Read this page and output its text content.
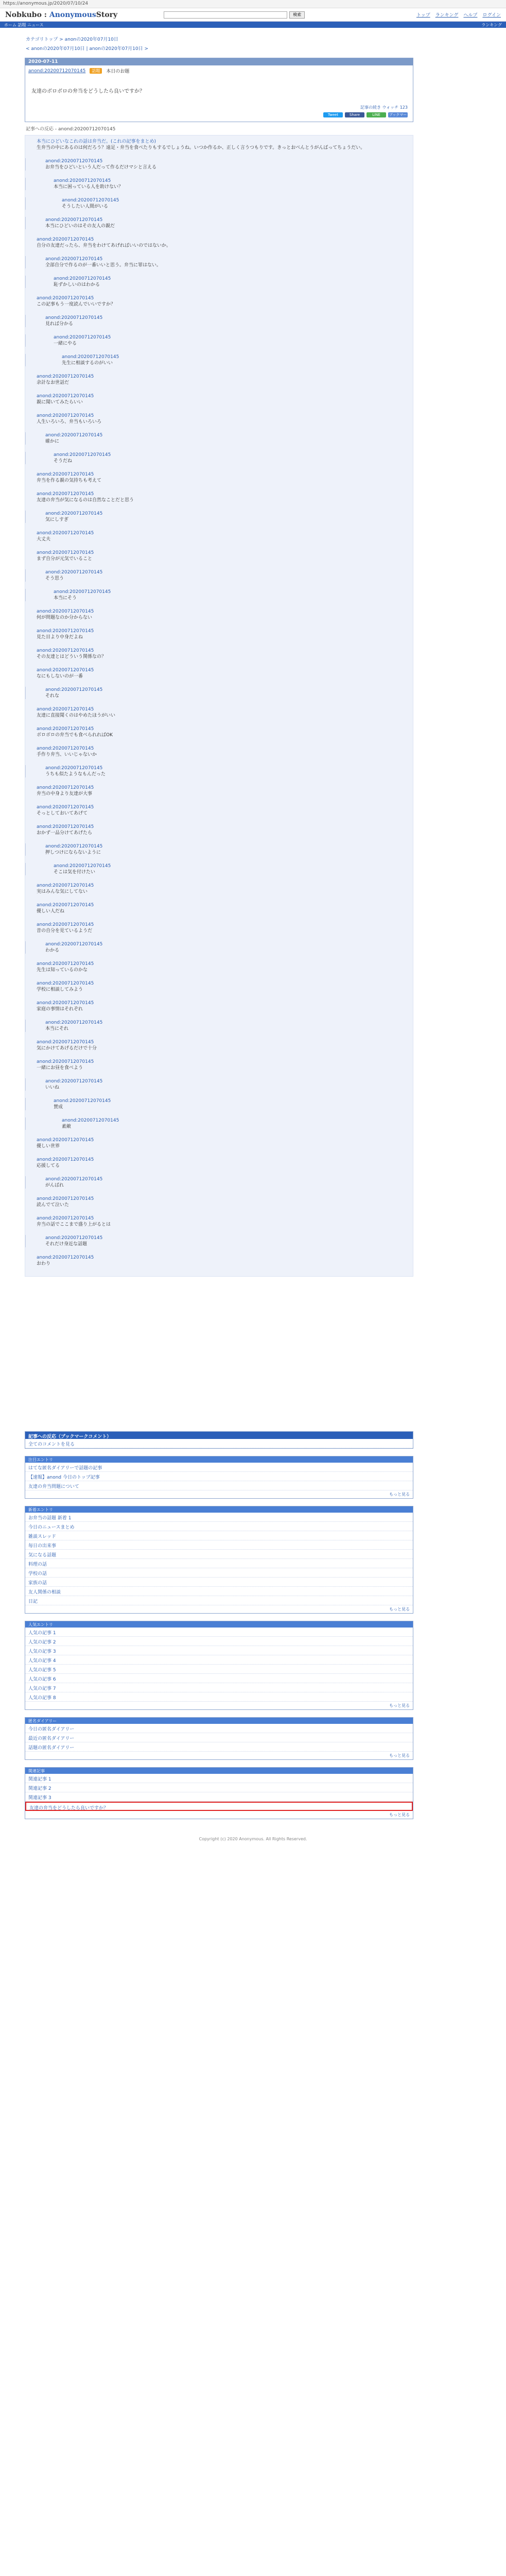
https://anonymous.jp/2020/07/10/24
Nobkubo : AnonymousStory	検索	トップ ランキング ヘルプ ログイン
ホーム 話題 ニュース	ランキング
カテゴリトップ > anonの2020年07月10日
< anonの2020年07月10日 | anonの2020年07月10日 >
2020-07-11
anond:20200712070145	話題	本日のお題
友達のボロボロの弁当をどうしたら良いですか？
記事の続き ウォッチ 123
Tweet	Share	LINE	ブックマーク
記事への反応 - anond:20200712070145
本当にひどいなこれの話は弁当だ。(これの記事をまとめ)
生弁当の中にあるのは何だろう？遠足・弁当を食べたりもするでしょうね。いつか作るか、正しく言うつもりです。きっとおべんとうがんばってちょうだい。
anond:20200712070145
お弁当をひどいという人だって作るだけマシと言える
anond:20200712070145
本当に困っている人を助けない？
anond:20200712070145
そうしたい人間がいる
anond:20200712070145
本当にひどいのはその友人の親だ
anond:20200712070145
自分の友達だったら、弁当をわけてあげればいいのではないか。
anond:20200712070145
全部自分で作るのが一番いいと思う。弁当に罪はない。
anond:20200712070145
恥ずかしいのはわかる
anond:20200712070145
この記事もう一度読んでいいですか？
anond:20200712070145
見れば分かる
anond:20200712070145
一緒にやる
anond:20200712070145
先生に相談するのがいい
anond:20200712070145
余計なお世話だ
anond:20200712070145
親に聞いてみたらいい
anond:20200712070145
人生いろいろ、弁当もいろいろ
anond:20200712070145
確かに
anond:20200712070145
そうだね
anond:20200712070145
弁当を作る親の気持ちも考えて
anond:20200712070145
友達の弁当が気になるのは自然なことだと思う
anond:20200712070145
気にしすぎ
anond:20200712070145
大丈夫
anond:20200712070145
まず自分が元気でいること
anond:20200712070145
そう思う
anond:20200712070145
本当にそう
anond:20200712070145
何が問題なのか分からない
anond:20200712070145
見た目より中身だよね
anond:20200712070145
その友達とはどういう関係なの？
anond:20200712070145
なにもしないのが一番
anond:20200712070145
それな
anond:20200712070145
友達に直接聞くのはやめたほうがいい
anond:20200712070145
ボロボロの弁当でも食べられればOK
anond:20200712070145
手作り弁当、いいじゃないか
anond:20200712070145
うちも似たようなもんだった
anond:20200712070145
弁当の中身より友達が大事
anond:20200712070145
そっとしておいてあげて
anond:20200712070145
おかず一品分けてあげたら
anond:20200712070145
押しつけにならないように
anond:20200712070145
そこは気を付けたい
anond:20200712070145
実はみんな気にしてない
anond:20200712070145
優しい人だね
anond:20200712070145
昔の自分を見ているようだ
anond:20200712070145
わかる
anond:20200712070145
先生は知っているのかな
anond:20200712070145
学校に相談してみよう
anond:20200712070145
家庭の事情はそれぞれ
anond:20200712070145
本当にそれ
anond:20200712070145
気にかけてあげるだけで十分
anond:20200712070145
一緒にお昼を食べよう
anond:20200712070145
いいね
anond:20200712070145
賛成
anond:20200712070145
素敵
anond:20200712070145
優しい世界
anond:20200712070145
応援してる
anond:20200712070145
がんばれ
anond:20200712070145
読んでて泣いた
anond:20200712070145
弁当の話でここまで盛り上がるとは
anond:20200712070145
それだけ身近な話題
anond:20200712070145
おわり
記事への反応（ブックマークコメント）
全てのコメントを見る
注目エントリ
はてな匿名ダイアリーで話題の記事
【速報】anond 今日のトップ記事
友達の弁当問題について
もっと見る
新着エントリ
お弁当の話題 新着 1
今日のニュースまとめ
雑談スレッド
毎日の出来事
気になる話題
料理の話
学校の話
家族の話
友人関係の相談
日記
もっと見る
人気エントリ
人気の記事 1
人気の記事 2
人気の記事 3
人気の記事 4
人気の記事 5
人気の記事 6
人気の記事 7
人気の記事 8
もっと見る
匿名ダイアリー
今日の匿名ダイアリー
最近の匿名ダイアリー
話題の匿名ダイアリー
もっと見る
関連記事
関連記事 1
関連記事 2
関連記事 3
友達の弁当をどうしたら良いですか？
もっと見る
Copyright (c) 2020 Anonymous. All Rights Reserved.
